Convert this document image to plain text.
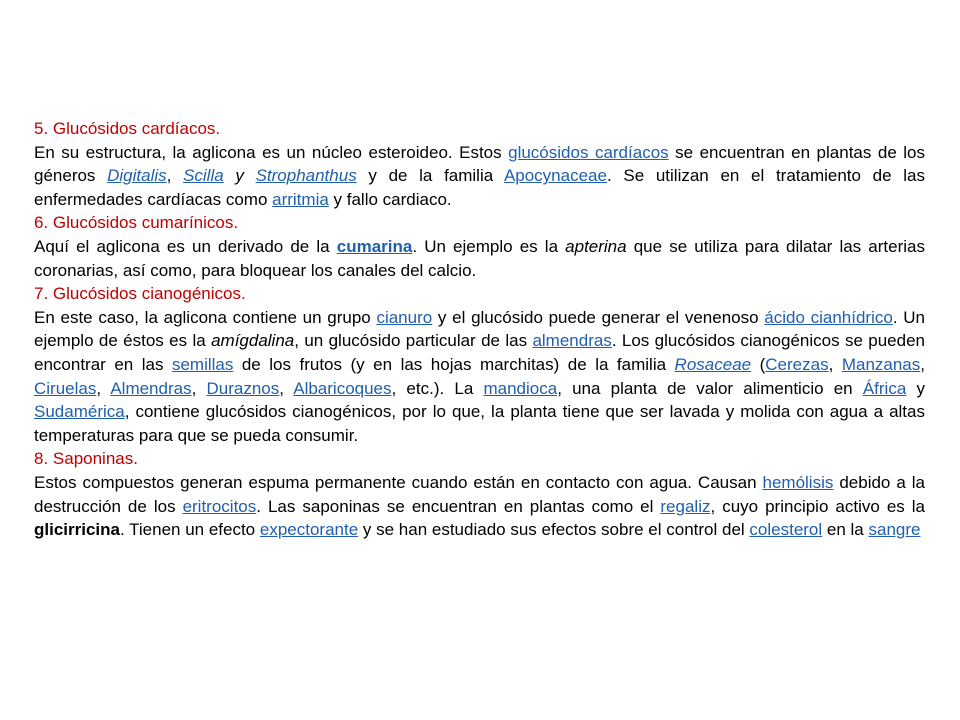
5. Glucósidos cardíacos.

En su estructura, la aglicona es un núcleo esteroideo. Estos glucósidos cardíacos se encuentran en plantas de los géneros Digitalis, Scilla y Strophanthus y de la familia Apocynaceae. Se utilizan en el tratamiento de las enfermedades cardíacas como arritmia y fallo cardiaco.

6. Glucósidos cumarínicos.

Aquí el aglicona es un derivado de la cumarina. Un ejemplo es la apterina que se utiliza para dilatar las arterias coronarias, así como, para bloquear los canales del calcio.

7. Glucósidos cianogénicos.

En este caso, la aglicona contiene un grupo cianuro y el glucósido puede generar el venenoso ácido cianhídrico. Un ejemplo de éstos es la amígdalina, un glucósido particular de las almendras. Los glucósidos cianogénicos se pueden encontrar en las semillas de los frutos (y en las hojas marchitas) de la familia Rosaceae (Cerezas, Manzanas, Ciruelas, Almendras, Duraznos, Albaricoques, etc.). La mandioca, una planta de valor alimenticio en África y Sudamérica, contiene glucósidos cianogénicos, por lo que, la planta tiene que ser lavada y molida con agua a altas temperaturas para que se pueda consumir.

8. Saponinas.

Estos compuestos generan espuma permanente cuando están en contacto con agua. Causan hemólisis debido a la destrucción de los eritrocitos. Las saponinas se encuentran en plantas como el regaliz, cuyo principio activo es la glicirricina. Tienen un efecto expectorante y se han estudiado sus efectos sobre el control del colesterol en la sangre
